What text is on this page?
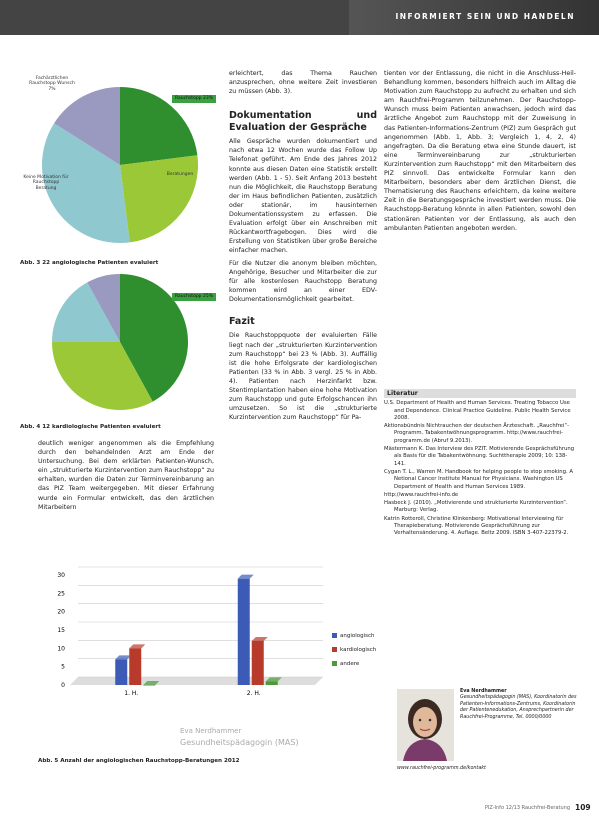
INFORMIERT SEIN UND HANDELN
Rauchstopp 23%
Fachärztlichen Rauchstopp Wunsch 7%
Keine Motivation für Rauchstopp Beratung
Beratungen
Abb. 3 22 angiologische Patienten evaluiert
Rauchstopp 25%
Abb. 4 12 kardiologische Patienten evaluiert

deutlich weniger angenommen als die Empfehlung durch den behandelnden Arzt am Ende der Untersuchung. Bei dem erklärten Patienten-Wunsch, ein „strukturierte Kurzintervention zum Rauchstopp“ zu erhalten, wurden die Daten zur Terminvereinbarung an das PIZ Team weitergegeben. Mit dieser Erfahrung wurde ein Formular entwickelt, das den ärztlichen Mitarbeitern

erleichtert, das Thema Rauchen anzusprechen, ohne weitere Zeit investieren zu müssen (Abb. 3).

Dokumentation und Evaluation der Gespräche

Alle Gespräche wurden dokumentiert und nach etwa 12 Wochen wurde das Follow Up Telefonat geführt. Am Ende des Jahres 2012 konnte aus diesen Daten eine Statistik erstellt werden (Abb. 1 - 5). Seit Anfang 2013 besteht nun die Möglichkeit, die Rauchstopp Beratung der im Haus befindlichen Patienten, zusätzlich oder stationär, im hausinternen Dokumentationssystem zu erfassen. Die Evaluation erfolgt über ein Anschreiben mit Rückantwortfragebogen. Dies wird die Erstellung von Statistiken über große Bereiche einfacher machen.

Für die Nutzer die anonym bleiben möchten, Angehörige, Besucher und Mitarbeiter die zur für alle kostenlosen Rauchstopp Beratung kommen wird an einer EDV-Dokumentationsmöglichkeit gearbeitet.

Fazit

Die Rauchstoppquote der evaluierten Fälle liegt nach der „strukturierten Kurzintervention zum Rauchstopp“ bei 23 % (Abb. 3). Auffällig ist die hohe Erfolgsrate der kardiologischen Patienten (33 % in Abb. 3 vergl. 25 % in Abb. 4). Patienten nach Herzinfarkt bzw. Stentimplantation haben eine hohe Motivation zum Rauchstopp und gute Erfolgschancen ihn umzusetzen. So ist die „strukturierte Kurzintervention zum Rauchstopp“ für Pa-

tienten vor der Entlassung, die nicht in die Anschluss-Heil-Behandlung kommen, besonders hilfreich auch im Alltag die Motivation zum Rauchstopp zu aufrecht zu erhalten und sich am Rauchfrei-Programm teilzunehmen. Der Rauchstopp-Wunsch muss beim Patienten anwachsen, jedoch wird das ärztliche Angebot zum Rauchstopp mit der Zuweisung in das Patienten-Informations-Zentrum (PIZ) zum Gespräch gut angenommen (Abb. 1, Abb. 3; Vergleich 1, 4, 2, 4) angefragten. Da die Beratung etwa eine Stunde dauert, ist eine Terminvereinbarung zur „strukturierten Kurzintervention zum Rauchstopp“ mit den Mitarbeitern des PIZ sinnvoll. Das entwickelte Formular kann den Mitarbeitern, besonders aber dem ärztlichen Dienst, die Thematisierung des Rauchens erleichtern, da keine weitere Zeit in die Beratungsgespräche investiert werden muss. Die Rauchstopp-Beratung könnte in allen Patienten, sowohl den stationären Patienten vor der Entlassung, als auch den ambulanten Patienten angeboten werden.

Literatur
U.S. Department of Health and Human Services. Treating Tobacco Use and Dependence. Clinical Practice Guideline. Public Health Service 2008.
Aktionsbündnis Nichtrauchen der deutschen Ärzteschaft. „Rauchfrei“-Programm. Tabakentwöhnungsprogramm. http://www.rauchfrei-programm.de (Abruf 9.2013).
Mästermann K. Das Interview des PZIT. Motivierende Gesprächsführung als Basis für die Tabakentwöhnung. Suchttherapie 2009; 10: 138-141.
Cygan T. L., Warren M. Handbook for helping people to stop smoking. A Netional Cancer Institute Manual for Physicians. Washington US Department of Health and Human Services 1989.
http://www.rauchfrei-info.de
Hasbeck J. (2010). „Motivierende und strukturierte Kurzintervention“. Marburg: Verlag.
Katrin Rotteroll, Christine Klinkenberg: Motivational Interviewing für Therapieberatung. Motivierende Gesprächsführung zur Verhaltensänderung. 4. Auflage. Beltz 2009. ISBN 3-407-22379-2.
0
5
10
15
20
25
30
1. H.	2. H.
angiologisch
kardiologisch
andere
Eva Nerdhammer
Gesundheitspädagogin (MAS)
Abb. 5 Anzahl der angiologischen Rauchstopp-Beratungen 2012
Eva Nerdhammer
Gesundheitspädagogin (MAS), Koordinatorin des Patienten-Informations-Zentrums, Koordinatorin der Patientenedukation, Ansprechpartnerin der Rauchfrei-Programme, Tel. 0000/0000
www.rauchfrei-programm.de/kontakt
PIZ-Info 12/13 Rauchfrei-Beratung 109
